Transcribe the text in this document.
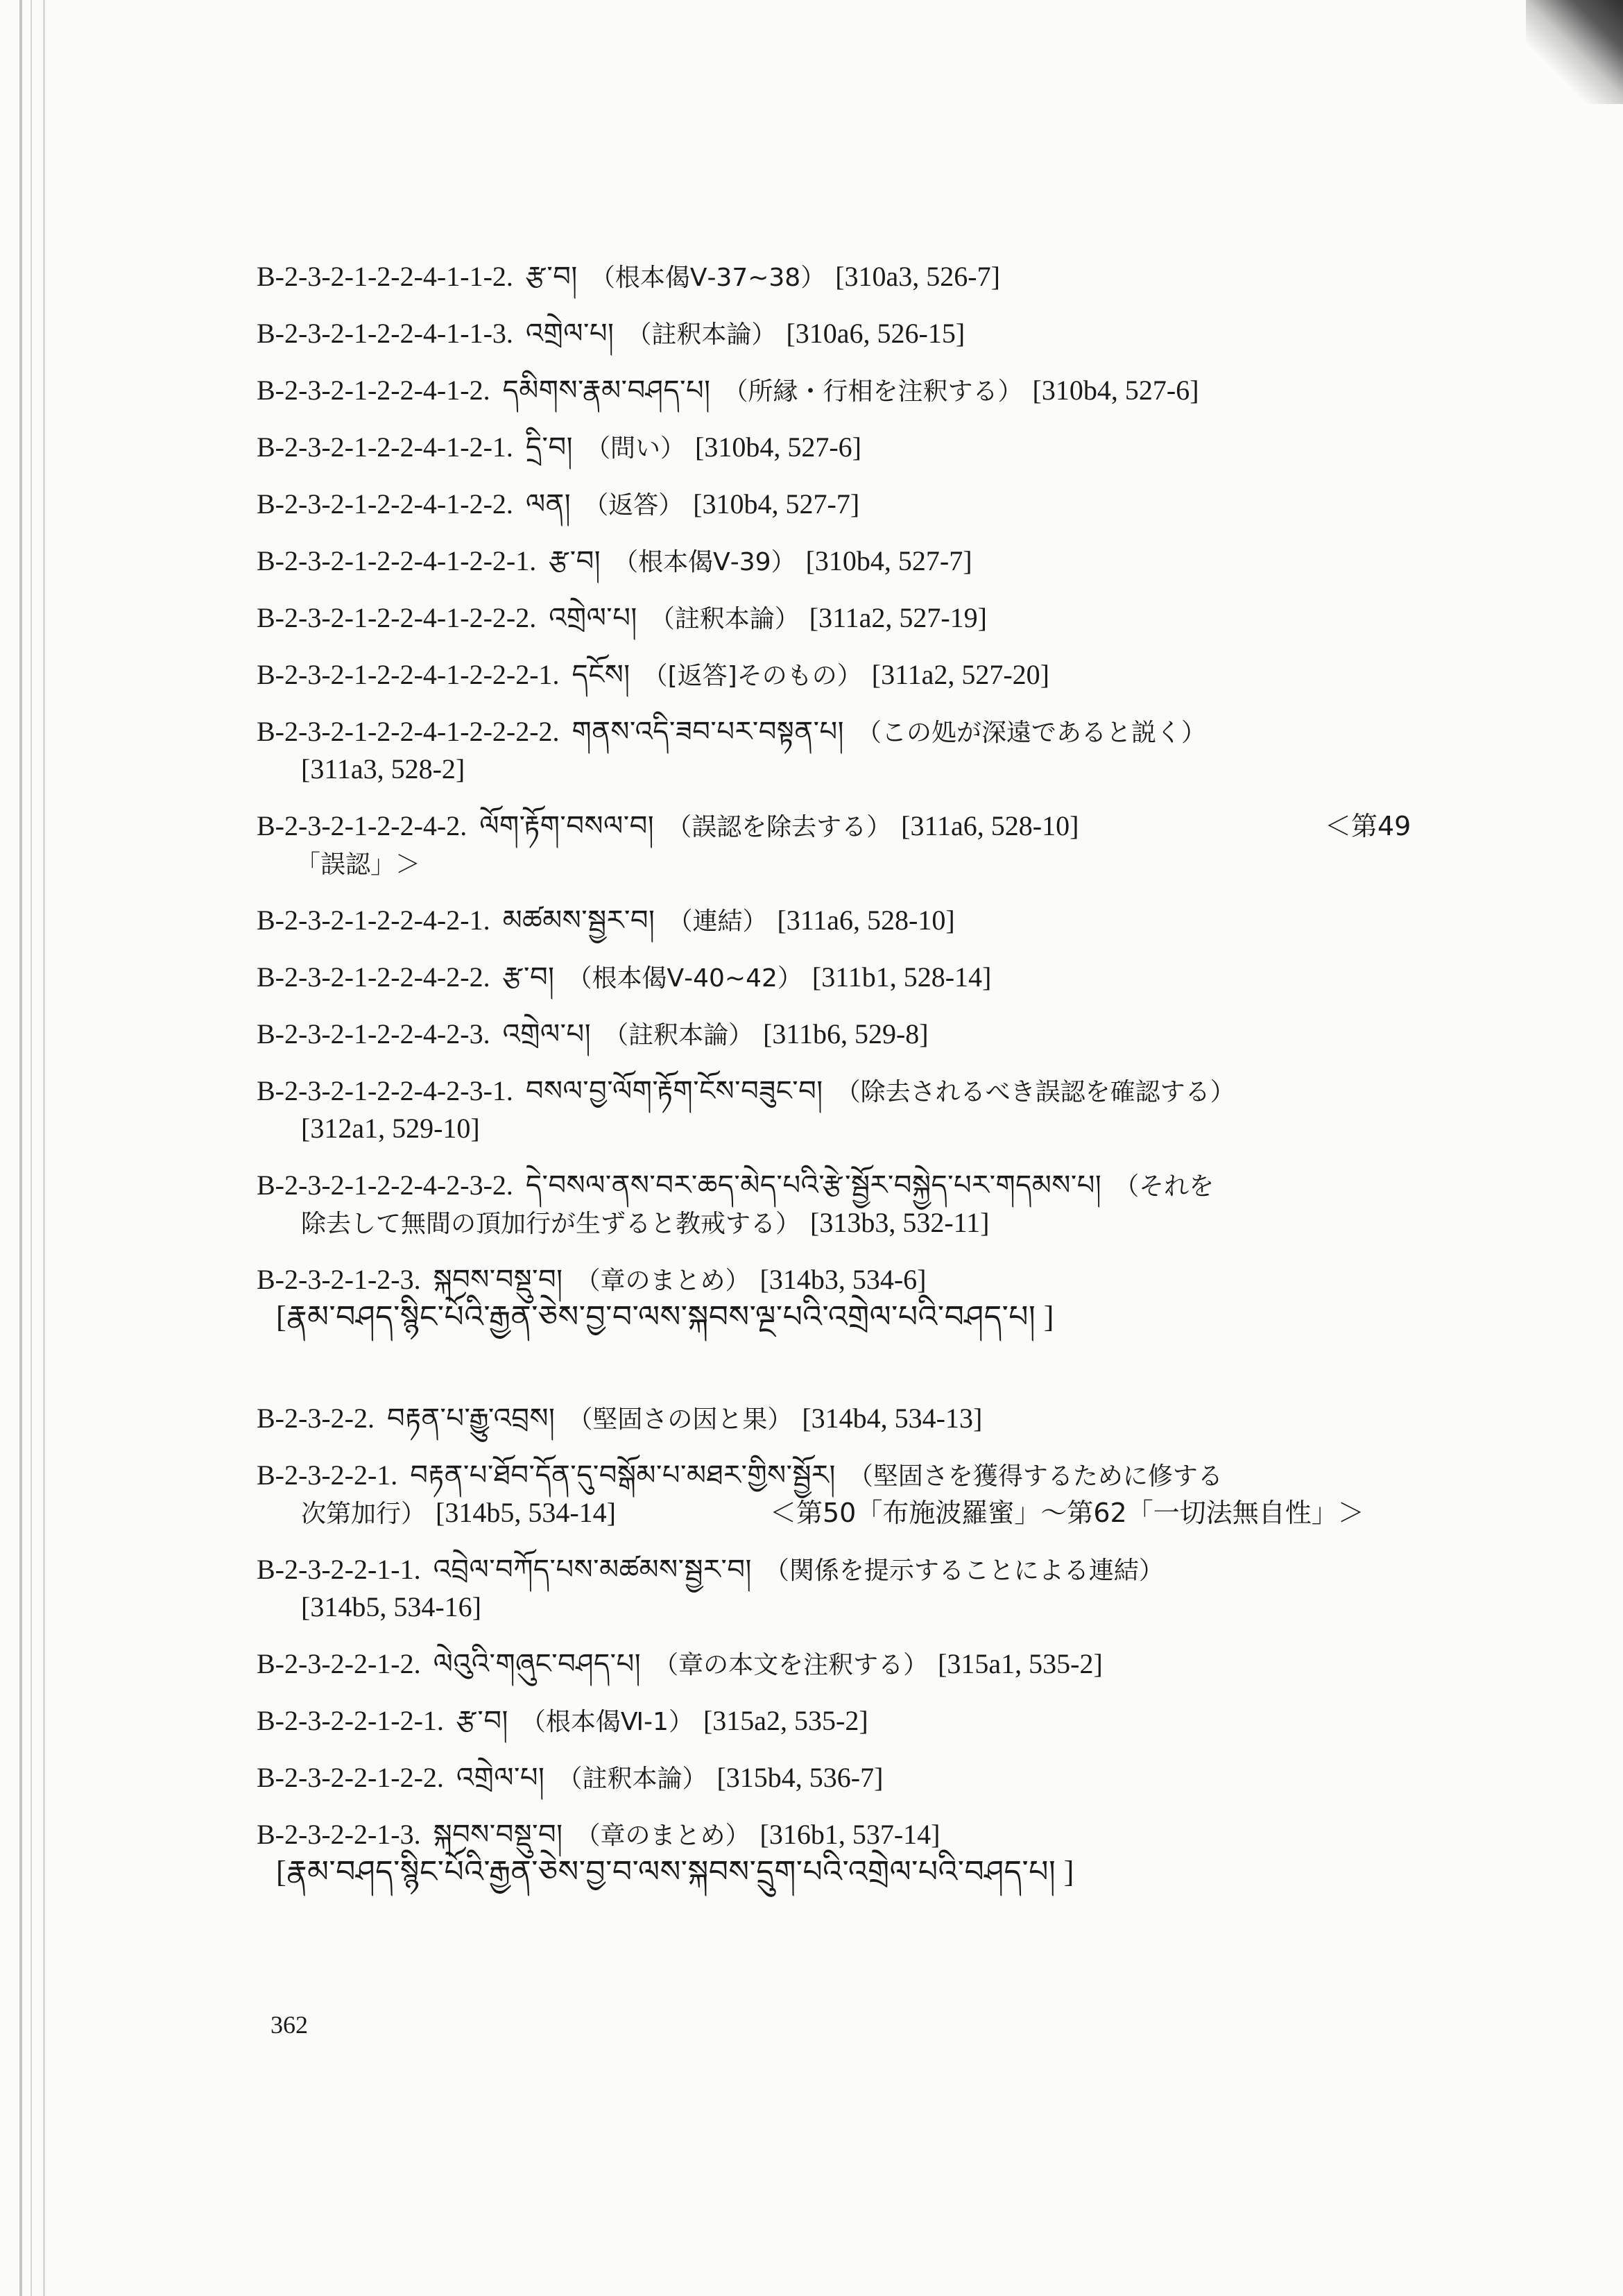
B-2-3-2-1-2-2-4-1-1-2. རྩ་བ། （根本偈Ⅴ-37~38） [310a3, 526-7]
B-2-3-2-1-2-2-4-1-1-3. འགྲེལ་པ། （註釈本論） [310a6, 526-15]
B-2-3-2-1-2-2-4-1-2. དམིགས་རྣམ་བཤད་པ། （所縁・行相を注釈する） [310b4, 527-6]
B-2-3-2-1-2-2-4-1-2-1. དྲི་བ། （問い） [310b4, 527-6]
B-2-3-2-1-2-2-4-1-2-2. ལན། （返答） [310b4, 527-7]
B-2-3-2-1-2-2-4-1-2-2-1. རྩ་བ། （根本偈Ⅴ-39） [310b4, 527-7]
B-2-3-2-1-2-2-4-1-2-2-2. འགྲེལ་པ། （註釈本論） [311a2, 527-19]
B-2-3-2-1-2-2-4-1-2-2-2-1. དངོས། （[返答]そのもの） [311a2, 527-20]
B-2-3-2-1-2-2-4-1-2-2-2-2. གནས་འདི་ཟབ་པར་བསྟན་པ། （この処が深遠であると説く）
[311a3, 528-2]
B-2-3-2-1-2-2-4-2. ལོག་རྟོག་བསལ་བ། （誤認を除去する） [311a6, 528-10]	＜第49
「誤認」＞
B-2-3-2-1-2-2-4-2-1. མཚམས་སྦྱར་བ། （連結） [311a6, 528-10]
B-2-3-2-1-2-2-4-2-2. རྩ་བ། （根本偈Ⅴ-40~42） [311b1, 528-14]
B-2-3-2-1-2-2-4-2-3. འགྲེལ་པ། （註釈本論） [311b6, 529-8]
B-2-3-2-1-2-2-4-2-3-1. བསལ་བྱ་ལོག་རྟོག་ངོས་བཟུང་བ། （除去されるべき誤認を確認する）
[312a1, 529-10]
B-2-3-2-1-2-2-4-2-3-2. དེ་བསལ་ནས་བར་ཆད་མེད་པའི་རྩེ་སྦྱོར་བསྐྱེད་པར་གདམས་པ། （それを
除去して無間の頂加行が生ずると教戒する） [313b3, 532-11]
B-2-3-2-1-2-3. སྐབས་བསྡུ་བ། （章のまとめ） [314b3, 534-6]
[རྣམ་བཤད་སྙིང་པོའི་རྒྱན་ཅེས་བྱ་བ་ལས་སྐབས་ལྔ་པའི་འགྲེལ་པའི་བཤད་པ། ]
B-2-3-2-2. བརྟན་པ་རྒྱུ་འབྲས། （堅固さの因と果） [314b4, 534-13]
B-2-3-2-2-1. བརྟན་པ་ཐོབ་དོན་དུ་བསྒོམ་པ་མཐར་གྱིས་སྦྱོར། （堅固さを獲得するために修する
次第加行） [314b5, 534-14]	＜第50「布施波羅蜜」～第62「一切法無自性」＞
B-2-3-2-2-1-1. འབྲེལ་བཀོད་པས་མཚམས་སྦྱར་བ། （関係を提示することによる連結）
[314b5, 534-16]
B-2-3-2-2-1-2. ལེའུའི་གཞུང་བཤད་པ། （章の本文を注釈する） [315a1, 535-2]
B-2-3-2-2-1-2-1. རྩ་བ། （根本偈Ⅵ-1） [315a2, 535-2]
B-2-3-2-2-1-2-2. འགྲེལ་པ། （註釈本論） [315b4, 536-7]
B-2-3-2-2-1-3. སྐབས་བསྡུ་བ། （章のまとめ） [316b1, 537-14]
[རྣམ་བཤད་སྙིང་པོའི་རྒྱན་ཅེས་བྱ་བ་ལས་སྐབས་དྲུག་པའི་འགྲེལ་པའི་བཤད་པ། ]
362
